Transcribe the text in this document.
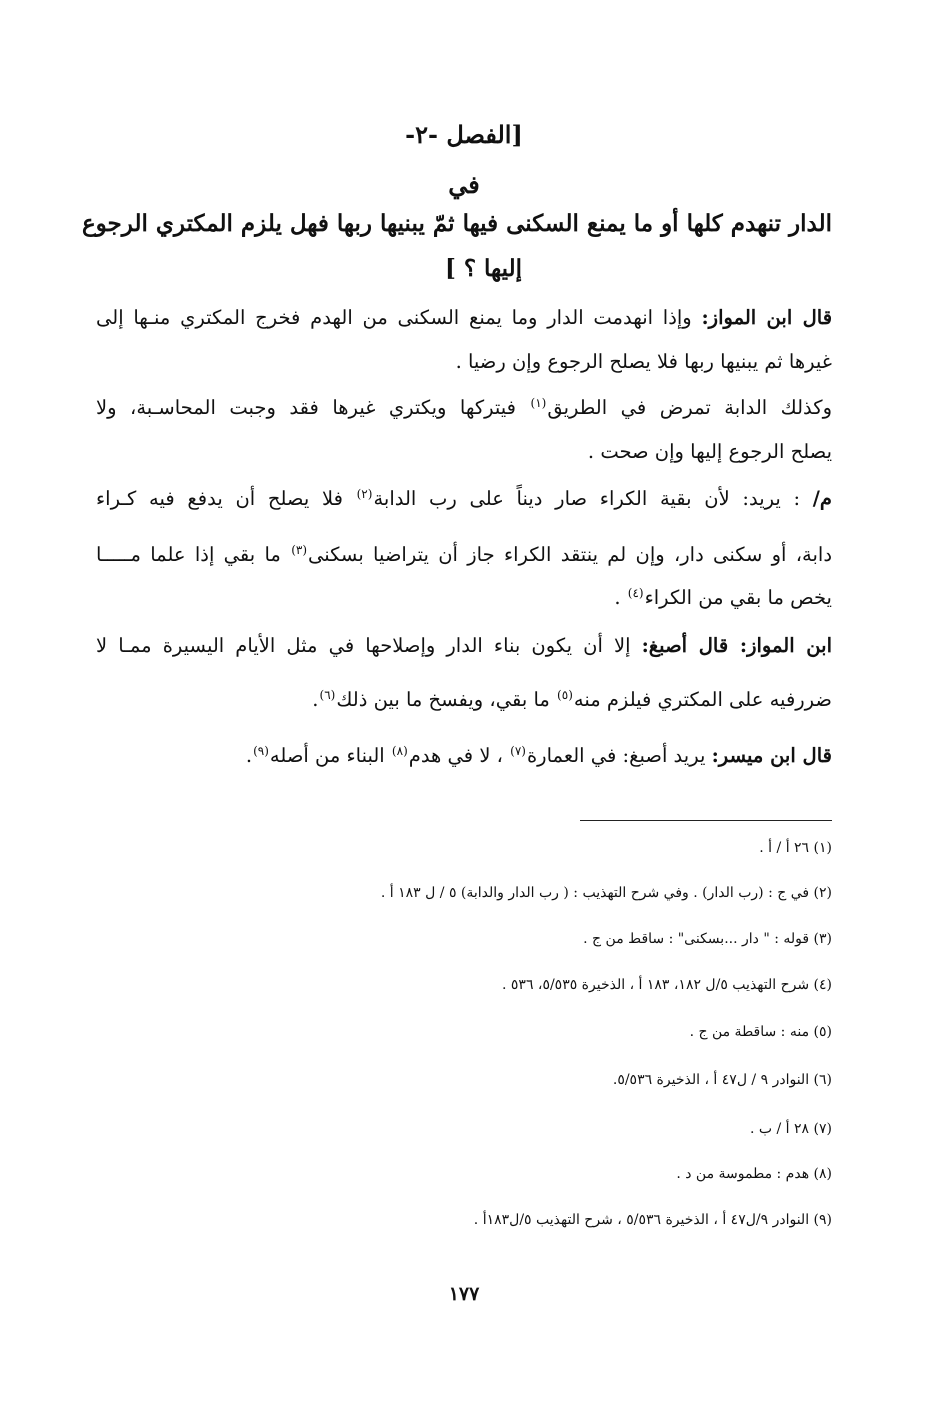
[الفصل -٢-
في
الدار تنهدم كلها أو ما يمنع السكنى فيها ثمّ يبنيها ربها فهل يلزم المكتري الرجوع
إليها ؟ ]
قال ابن المواز: وإذا انهدمت الدار وما يمنع السكنى من الهدم فخرج المكتري منـها إلى
غيرها ثم يبنيها ربها فلا يصلح الرجوع وإن رضيا .
وكذلك الدابة تمرض في الطريق$^{(١)}$ فيتركها ويكتري غيرها فقد وجبت المحاسـبة، ولا
يصلح الرجوع إليها وإن صحت .
م/ : يريد: لأن بقية الكراء صار ديناً على رب الدابة$^{(٢)}$ فلا يصلح أن يدفع فيه كـراء
دابة، أو سكنى دار، وإن لم ينتقد الكراء جاز أن يتراضيا بسكنى$^{(٣)}$ ما بقي إذا علما مـــــا
يخص ما بقي من الكراء$^{(٤)}$ .
ابن المواز: قال أصبغ: إلا أن يكون بناء الدار وإصلاحها في مثل الأيام اليسيرة ممـا لا
ضررفيه على المكتري فيلزم منه$^{(٥)}$ ما بقي، ويفسخ ما بين ذلك$^{(٦)}$.
قال ابن ميسر: يريد أصبغ: في العمارة$^{(٧)}$ ، لا في هدم$^{(٨)}$ البناء من أصله$^{(٩)}$.
(١) ٢٦ أ / أ .
(٢) في ج : (رب الدار) . وفي شرح التهذيب : ( رب الدار والدابة) ٥ / ل ١٨٣ أ .
(٣) قوله : " دار ...بسكنى" : ساقط من ج .
(٤) شرح التهذيب ٥/ل ١٨٢، ١٨٣ أ ، الذخيرة ٥/٥٣٥، ٥٣٦ .
(٥) منه : ساقطة من ج .
(٦) النوادر ٩ / ل٤٧ أ ، الذخيرة ٥/٥٣٦.
(٧) ٢٨ أ / ب .
(٨) هدم : مطموسة من د .
(٩) النوادر ٩/ل٤٧ أ ، الذخيرة ٥/٥٣٦ ، شرح التهذيب ٥/ل١٨٣أ .
١٧٧
